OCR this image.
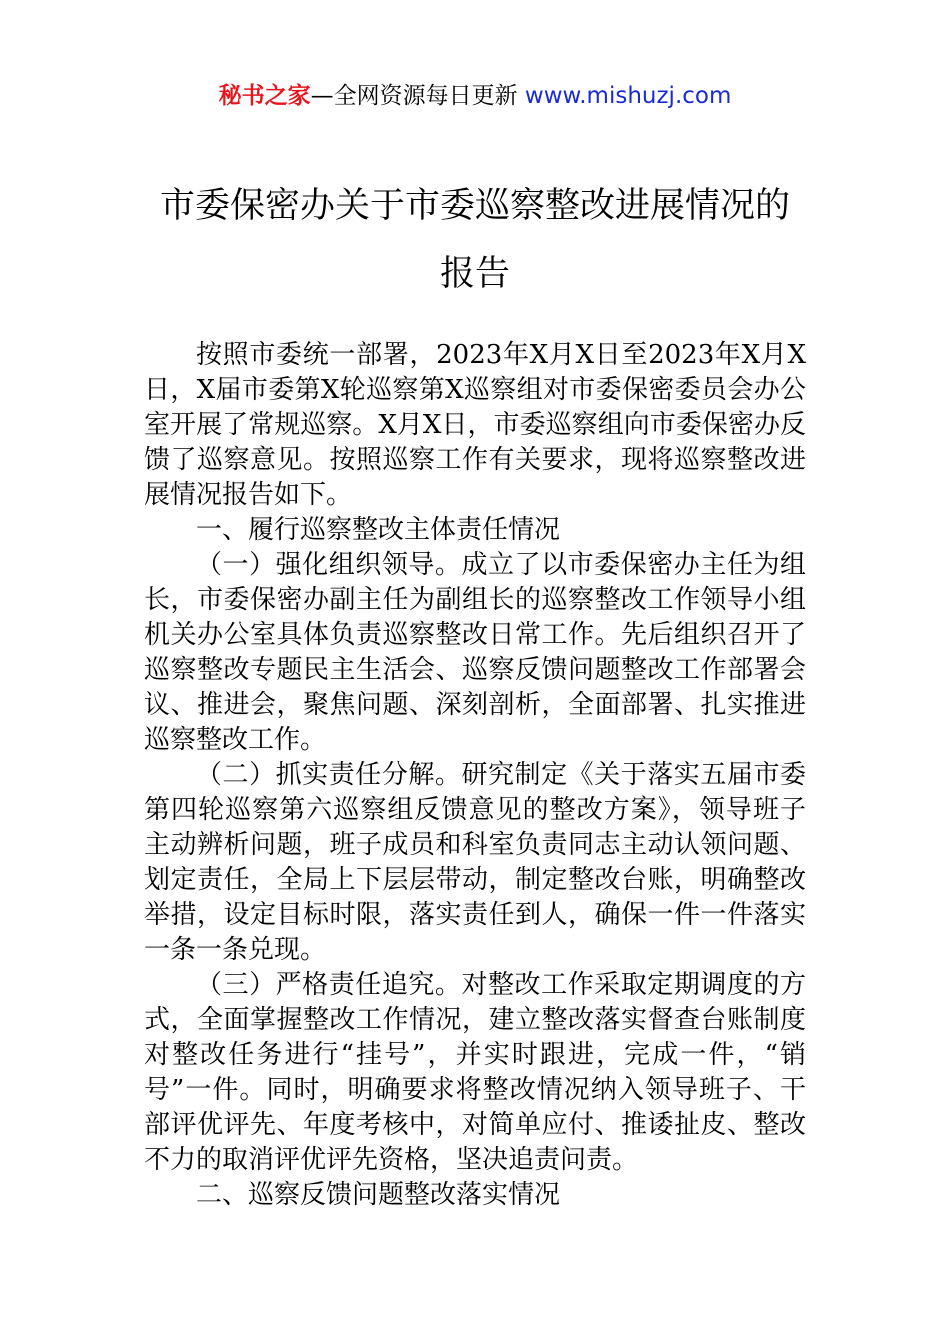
秘书之家—全网资源每日更新 www.mishuzj.com
市委保密办关于市委巡察整改进展情况的
报告

按照市委统一部署，2023年X月X日至2023年X月X日，X届市委第X轮巡察第X巡察组对市委保密委员会办公室开展了常规巡察。X月X日，市委巡察组向市委保密办反馈了巡察意见。按照巡察工作有关要求，现将巡察整改进展情况报告如下。

一、履行巡察整改主体责任情况

（一）强化组织领导。成立了以市委保密办主任为组长，市委保密办副主任为副组长的巡察整改工作领导小组机关办公室具体负责巡察整改日常工作。先后组织召开了巡察整改专题民主生活会、巡察反馈问题整改工作部署会议、推进会，聚焦问题、深刻剖析，全面部署、扎实推进巡察整改工作。

（二）抓实责任分解。研究制定《关于落实五届市委第四轮巡察第六巡察组反馈意见的整改方案》，领导班子主动辨析问题，班子成员和科室负责同志主动认领问题、划定责任，全局上下层层带动，制定整改台账，明确整改举措，设定目标时限，落实责任到人，确保一件一件落实一条一条兑现。

（三）严格责任追究。对整改工作采取定期调度的方式，全面掌握整改工作情况，建立整改落实督查台账制度对整改任务进行“挂号”，并实时跟进，完成一件，“销号”一件。同时，明确要求将整改情况纳入领导班子、干部评优评先、年度考核中，对简单应付、推诿扯皮、整改不力的取消评优评先资格，坚决追责问责。

二、巡察反馈问题整改落实情况
